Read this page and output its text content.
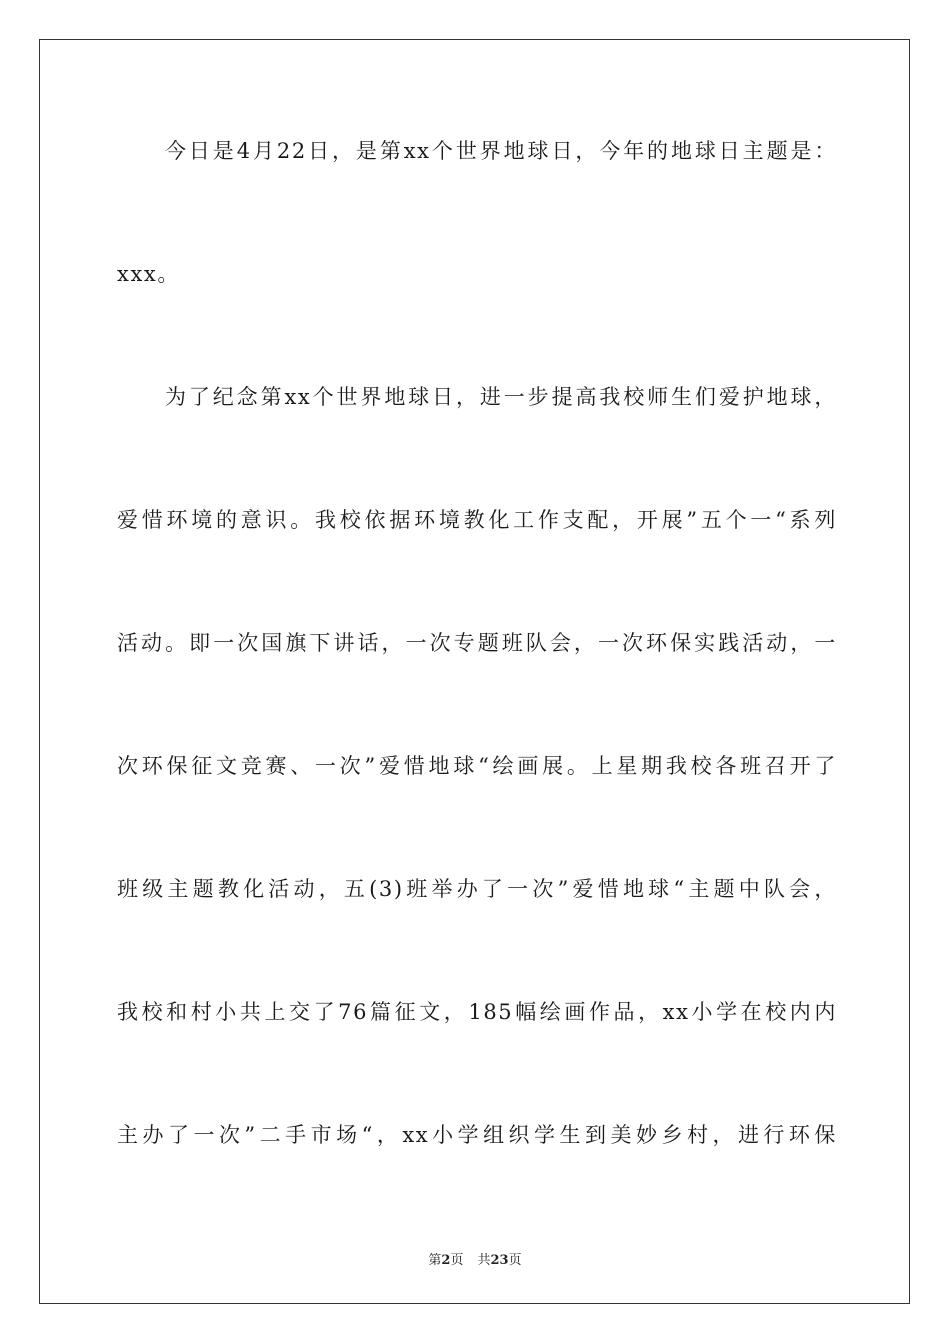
今日是4月22日，是第xx个世界地球日，今年的地球日主题是：
xxx。
为了纪念第xx个世界地球日，进一步提高我校师生们爱护地球，
爱惜环境的意识。我校依据环境教化工作支配，开展”五个一“系列
活动。即一次国旗下讲话，一次专题班队会，一次环保实践活动，一
次环保征文竞赛、一次”爱惜地球“绘画展。上星期我校各班召开了
班级主题教化活动，五(3)班举办了一次”爱惜地球“主题中队会，
我校和村小共上交了76篇征文，185幅绘画作品，xx小学在校内内
主办了一次”二手市场“，xx小学组织学生到美妙乡村，进行环保
第2页 共23页
